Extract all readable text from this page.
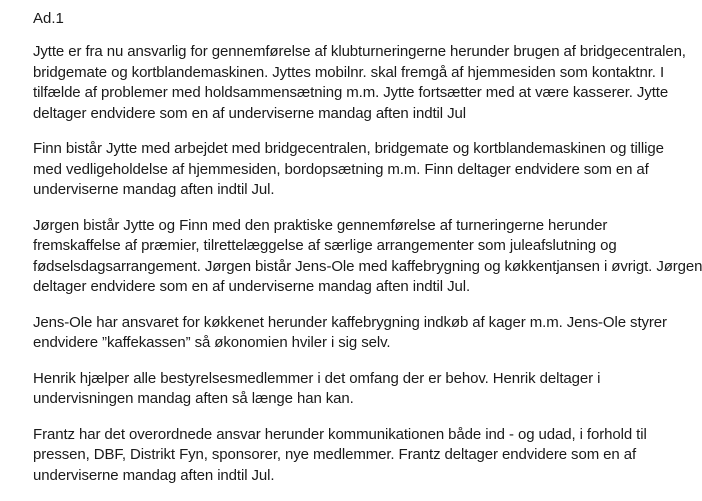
Ad.1
Jytte er fra nu ansvarlig for gennemførelse af klubturneringerne herunder brugen af bridgecentralen,
bridgemate og kortblandemaskinen. Jyttes mobilnr. skal fremgå af hjemmesiden som kontaktnr. I
tilfælde af problemer med holdsammensætning m.m. Jytte fortsætter med at være kasserer. Jytte
deltager endvidere som en af underviserne mandag aften indtil Jul
Finn bistår Jytte med arbejdet med bridgecentralen, bridgemate og kortblandemaskinen og tillige
med vedligeholdelse af hjemmesiden, bordopsætning m.m. Finn deltager endvidere som en af
underviserne mandag aften indtil Jul.
Jørgen bistår Jytte og Finn med den praktiske gennemførelse af turneringerne herunder
fremskaffelse af præmier, tilrettelæggelse af særlige arrangementer som juleafslutning og
fødselsdagsarrangement. Jørgen bistår Jens-Ole med kaffebrygning og køkkentjansen i øvrigt. Jørgen
deltager endvidere som en af underviserne mandag aften indtil Jul.
Jens-Ole har ansvaret for køkkenet herunder kaffebrygning indkøb af kager m.m. Jens-Ole styrer
endvidere ”kaffekassen” så økonomien hviler i sig selv.
Henrik hjælper alle bestyrelsesmedlemmer i det omfang der er behov. Henrik deltager i
undervisningen mandag aften så længe han kan.
Frantz har det overordnede ansvar herunder kommunikationen både ind - og udad, i forhold til
pressen, DBF, Distrikt Fyn, sponsorer, nye medlemmer. Frantz deltager endvidere som en af
underviserne mandag aften indtil Jul.
